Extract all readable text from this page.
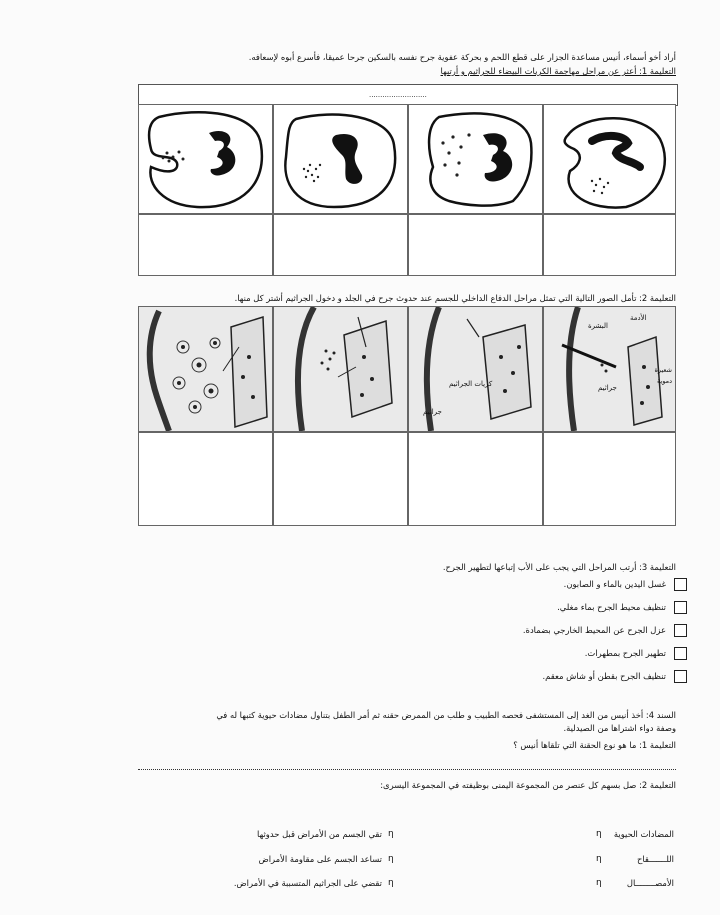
أراد أخو أسماء، أنيس مساعدة الجزار على قطع اللحم و بحركة عفوية جرح نفسه بالسكين جرحا عميقا، فأسرع أبوه لإسعافه.
التعليمة 1: أعثر عن مراحل مهاجمة الكريات البيضاء للجراثيم و أرتبها
..........................
التعليمة 2: تأمل الصور التالية التي تمثل مراحل الدفاع الداخلي للجسم عند حدوث جرح في الجلد و دخول الجراثيم أشتر كل منها.
جراثيم
كريات الجراثيم
البشرة
الأدمة
شعيرة دموية
جراثيم
التعليمة 3: أرتب المراحل التي يجب على الأب إتباعها لتطهير الجرح.
غسل اليدين بالماء و الصابون.
تنظيف محيط الجرح بماء مغلي.
عزل الجرح عن المحيط الخارجي بضمادة.
تطهير الجرح بمطهرات.
تنظيف الجرح بقطن أو شاش معقم.
السند 4: أخذ أنيس من الغد إلى المستشفى فحصه الطبيب و طلب من الممرض حقنه ثم أمر الطفل بتناول مضادات حيوية كتبها له في
وصفة دواء اشتراها من الصيدلية.
التعليمة 1: ما هو نوع الحقنة التي تلقاها أنيس ؟
التعليمة 2: صل بسهم كل عنصر من المجموعة اليمنى بوظيفته في المجموعة اليسرى:
η المضادات الحيوية
η	اللـــــــقاح
η	الأمصــــــــال
η
تقي الجسم من الأمراض قبل حدوثها
η
تساعد الجسم على مقاومة الأمراض
η
تقضي على الجراثيم المتسببة في الأمراض.
